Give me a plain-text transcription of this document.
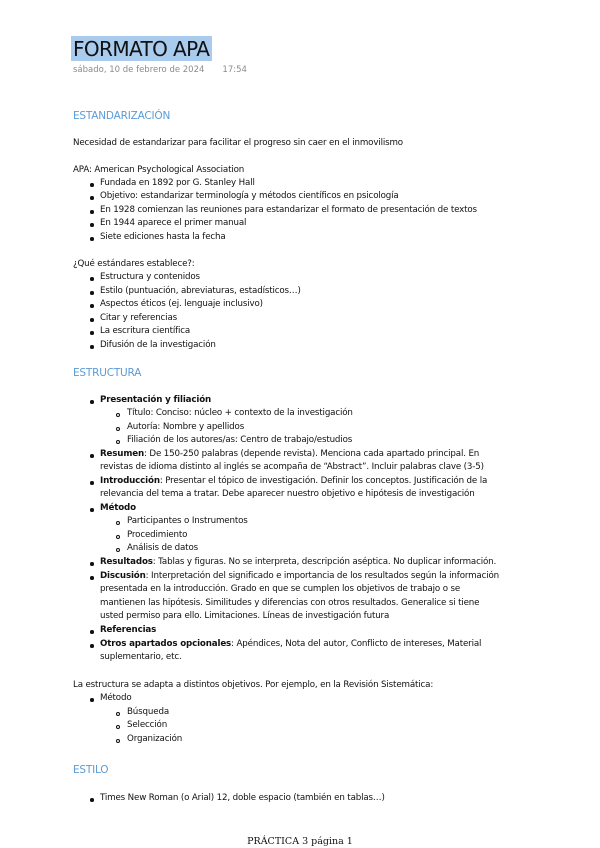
FORMATO APA
sábado, 10 de febrero de 2024 17:54
ESTANDARIZACIÓN
Necesidad de estandarizar para facilitar el progreso sin caer en el inmovilismo
APA: American Psychological Association
Fundada en 1892 por G. Stanley Hall
Objetivo: estandarizar terminología y métodos científicos en psicología
En 1928 comienzan las reuniones para estandarizar el formato de presentación de textos
En 1944 aparece el primer manual
Siete ediciones hasta la fecha
¿Qué estándares establece?:
Estructura y contenidos
Estilo (puntuación, abreviaturas, estadísticos…)
Aspectos éticos (ej. lenguaje inclusivo)
Citar y referencias
La escritura científica
Difusión de la investigación
ESTRUCTURA
Presentación y filiación
Título: Conciso: núcleo + contexto de la investigación
Autoría: Nombre y apellidos
Filiación de los autores/as: Centro de trabajo/estudios
Resumen: De 150-250 palabras (depende revista). Menciona cada apartado principal. En
revistas de idioma distinto al inglés se acompaña de “Abstract”. Incluir palabras clave (3-5)
Introducción: Presentar el tópico de investigación. Definir los conceptos. Justificación de la
relevancia del tema a tratar. Debe aparecer nuestro objetivo e hipótesis de investigación
Método
Participantes o Instrumentos
Procedimiento
Análisis de datos
Resultados: Tablas y figuras. No se interpreta, descripción aséptica. No duplicar información.
Discusión: Interpretación del significado e importancia de los resultados según la información
presentada en la introducción. Grado en que se cumplen los objetivos de trabajo o se
mantienen las hipótesis. Similitudes y diferencias con otros resultados. Generalice si tiene
usted permiso para ello. Limitaciones. Líneas de investigación futura
Referencias
Otros apartados opcionales: Apéndices, Nota del autor, Conflicto de intereses, Material
suplementario, etc.
La estructura se adapta a distintos objetivos. Por ejemplo, en la Revisión Sistemática:
Método
Búsqueda
Selección
Organización
ESTILO
Times New Roman (o Arial) 12, doble espacio (también en tablas…)
PRÁCTICA 3 página 1
